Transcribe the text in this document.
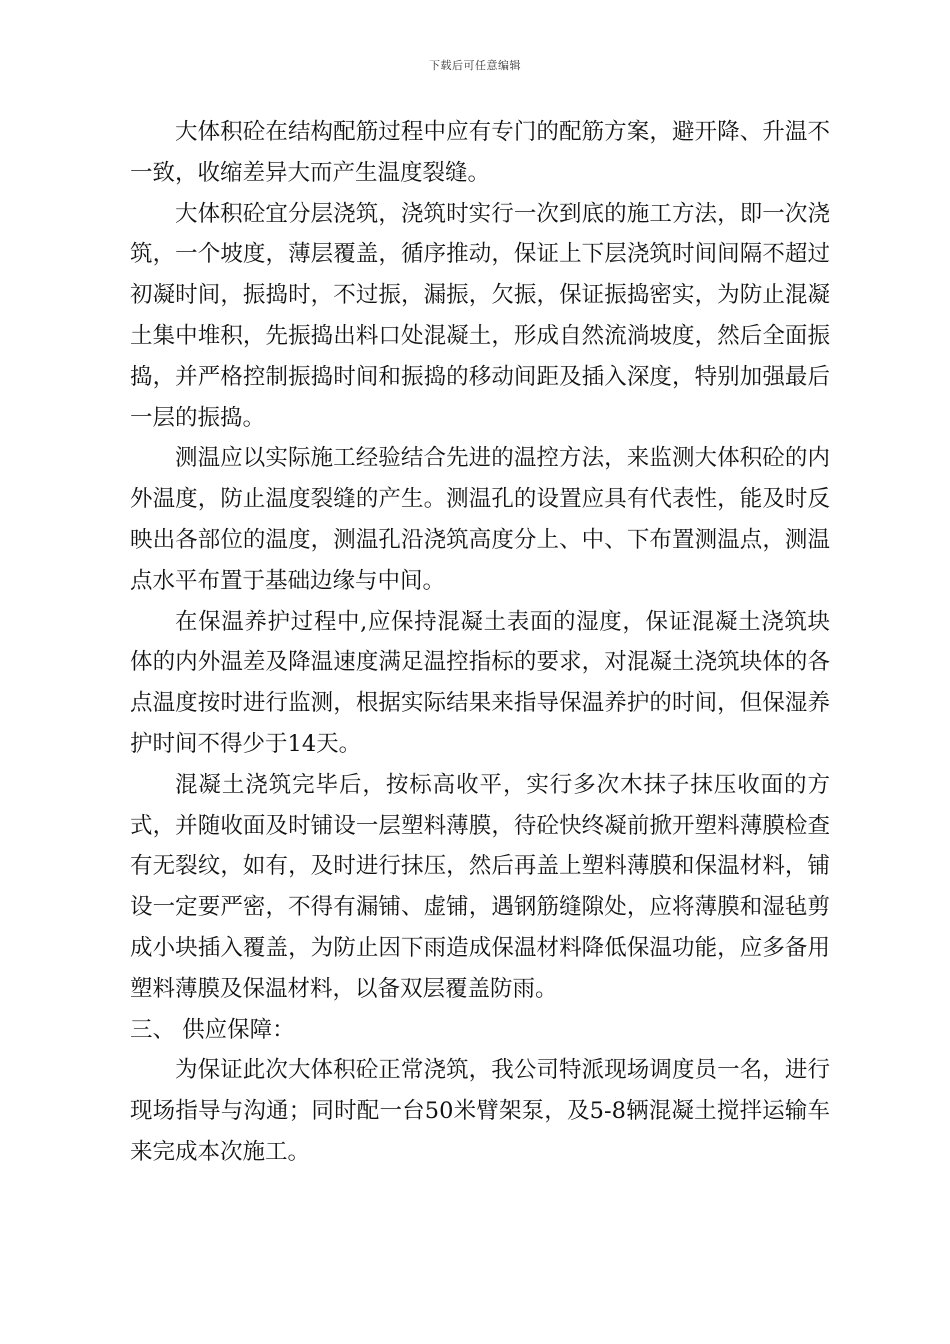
下载后可任意编辑

大体积砼在结构配筋过程中应有专门的配筋方案，避开降、升温不一致，收缩差异大而产生温度裂缝。

大体积砼宜分层浇筑，浇筑时实行一次到底的施工方法，即一次浇筑，一个坡度，薄层覆盖，循序推动，保证上下层浇筑时间间隔不超过初凝时间，振捣时，不过振，漏振，欠振，保证振捣密实，为防止混凝土集中堆积，先振捣出料口处混凝土，形成自然流淌坡度，然后全面振捣，并严格控制振捣时间和振捣的移动间距及插入深度，特别加强最后一层的振捣。

测温应以实际施工经验结合先进的温控方法，来监测大体积砼的内外温度，防止温度裂缝的产生。测温孔的设置应具有代表性，能及时反映出各部位的温度，测温孔沿浇筑高度分上、中、下布置测温点，测温点水平布置于基础边缘与中间。

在保温养护过程中,应保持混凝土表面的湿度，保证混凝土浇筑块体的内外温差及降温速度满足温控指标的要求，对混凝土浇筑块体的各点温度按时进行监测，根据实际结果来指导保温养护的时间，但保湿养护时间不得少于14天。

混凝土浇筑完毕后，按标高收平，实行多次木抹子抹压收面的方式，并随收面及时铺设一层塑料薄膜，待砼快终凝前掀开塑料薄膜检查有无裂纹，如有，及时进行抹压，然后再盖上塑料薄膜和保温材料，铺设一定要严密，不得有漏铺、虚铺，遇钢筋缝隙处，应将薄膜和湿毡剪成小块插入覆盖，为防止因下雨造成保温材料降低保温功能，应多备用塑料薄膜及保温材料，以备双层覆盖防雨。

三、 供应保障：

为保证此次大体积砼正常浇筑，我公司特派现场调度员一名，进行现场指导与沟通；同时配一台50米臂架泵，及5-8辆混凝土搅拌运输车来完成本次施工。
